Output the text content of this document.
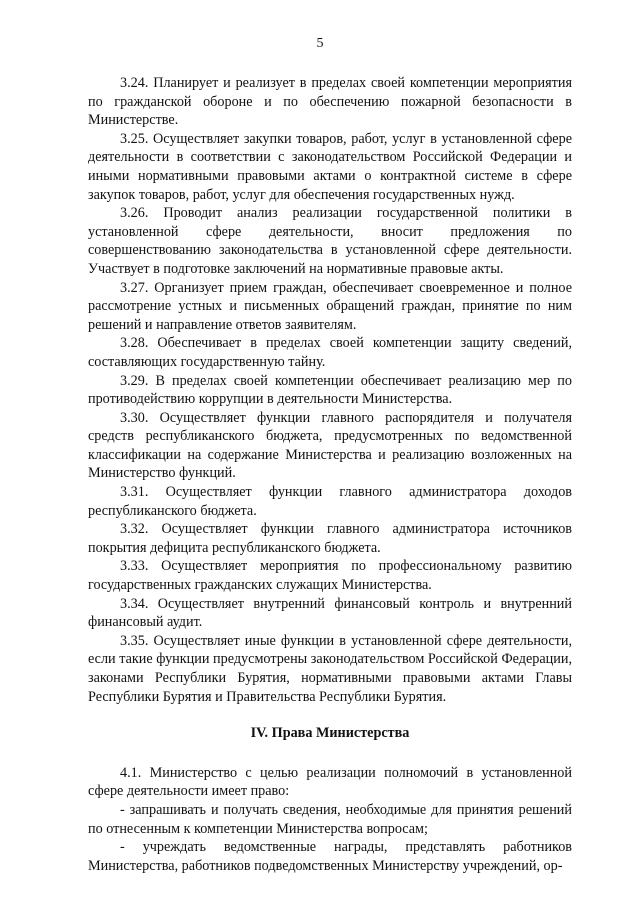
5

3.24. Планирует и реализует в пределах своей компетенции мероприятия по гражданской обороне и по обеспечению пожарной безопасности в Министерстве.

3.25. Осуществляет закупки товаров, работ, услуг в установленной сфере деятельности в соответствии с законодательством Российской Федерации и иными нормативными правовыми актами о контрактной системе в сфере закупок товаров, работ, услуг для обеспечения государственных нужд.

3.26. Проводит анализ реализации государственной политики в установленной сфере деятельности, вносит предложения по совершенствованию законодательства в установленной сфере деятельности. Участвует в подготовке заключений на нормативные правовые акты.

3.27. Организует прием граждан, обеспечивает своевременное и полное рассмотрение устных и письменных обращений граждан, принятие по ним решений и направление ответов заявителям.

3.28. Обеспечивает в пределах своей компетенции защиту сведений, составляющих государственную тайну.

3.29. В пределах своей компетенции обеспечивает реализацию мер по противодействию коррупции в деятельности Министерства.

3.30. Осуществляет функции главного распорядителя и получателя средств республиканского бюджета, предусмотренных по ведомственной классификации на содержание Министерства и реализацию возложенных на Министерство функций.

3.31. Осуществляет функции главного администратора доходов республиканского бюджета.

3.32. Осуществляет функции главного администратора источников покрытия дефицита республиканского бюджета.

3.33. Осуществляет мероприятия по профессиональному развитию государственных гражданских служащих Министерства.

3.34. Осуществляет внутренний финансовый контроль и внутренний финансовый аудит.

3.35. Осуществляет иные функции в установленной сфере деятельности, если такие функции предусмотрены законодательством Российской Федерации, законами Республики Бурятия, нормативными правовыми актами Главы Республики Бурятия и Правительства Республики Бурятия.

IV. Права Министерства

4.1. Министерство с целью реализации полномочий в установленной сфере деятельности имеет право:

- запрашивать и получать сведения, необходимые для принятия решений по отнесенным к компетенции Министерства вопросам;

- учреждать ведомственные награды, представлять работников Министерства, работников подведомственных Министерству учреждений, ор-
